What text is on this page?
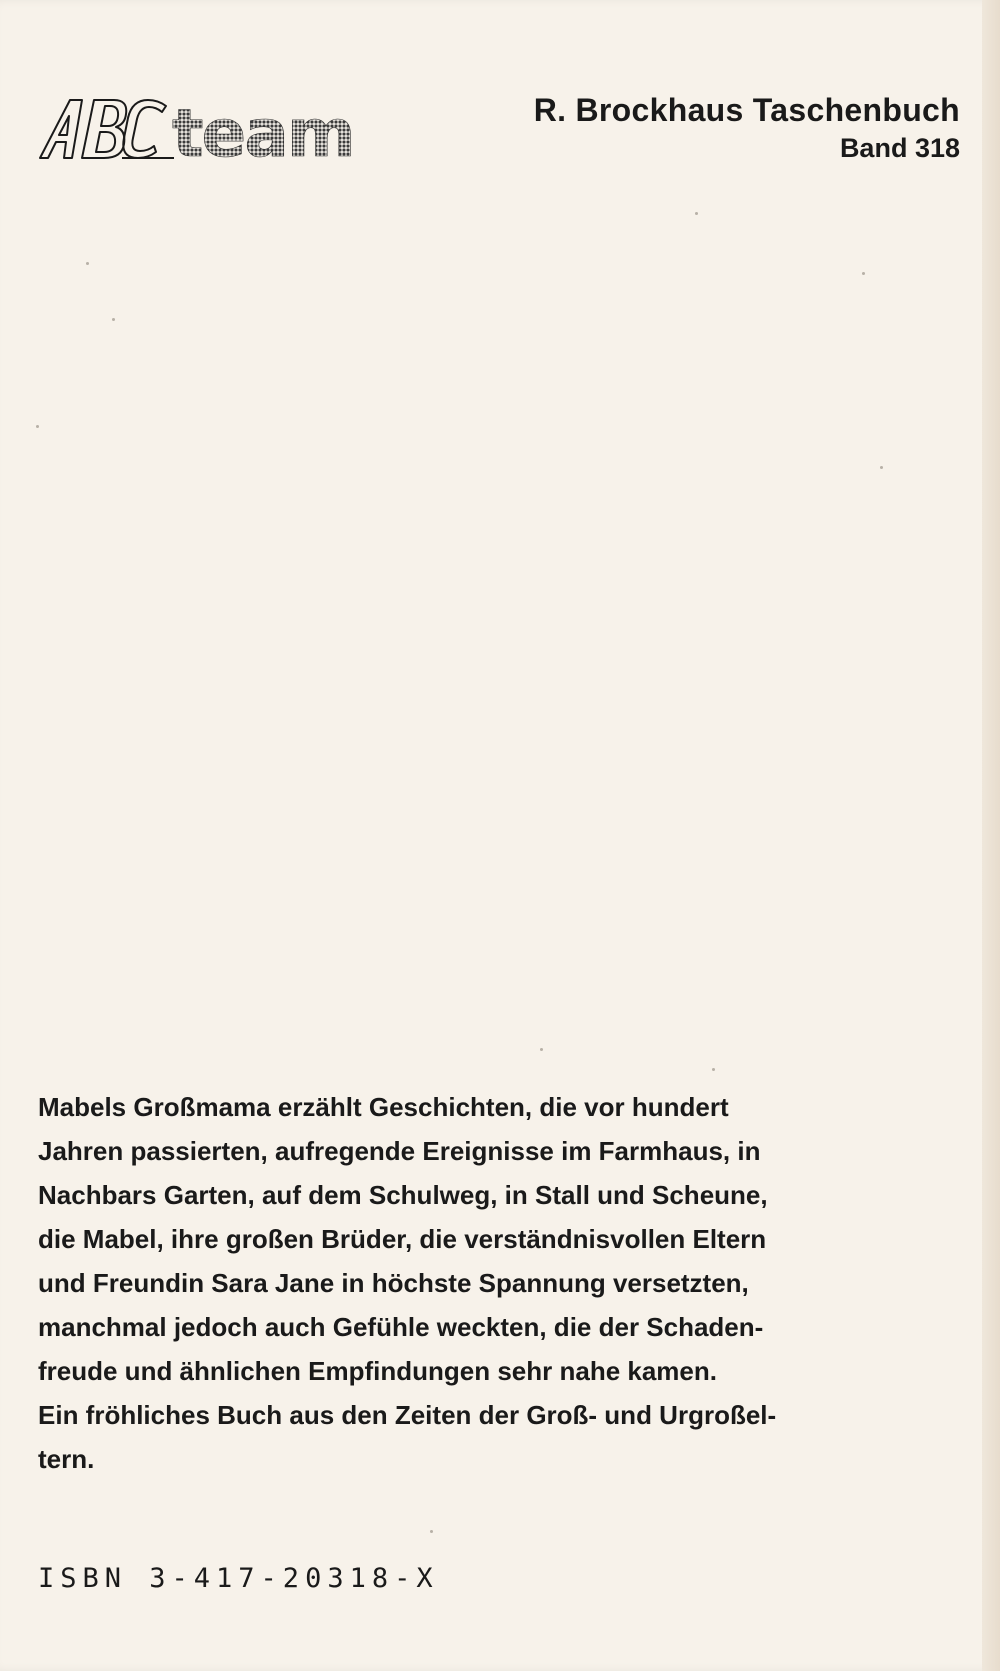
team	R. Brockhaus Taschenbuch
Band 318

Mabels Großmama erzählt Geschichten, die vor hundert
Jahren passierten, aufregende Ereignisse im Farmhaus, in
Nachbars Garten, auf dem Schulweg, in Stall und Scheune,
die Mabel, ihre großen Brüder, die verständnisvollen Eltern
und Freundin Sara Jane in höchste Spannung versetzten,
manchmal jedoch auch Gefühle weckten, die der Schaden-
freude und ähnlichen Empfindungen sehr nahe kamen.
Ein fröhliches Buch aus den Zeiten der Groß- und Urgroßel-
tern.

ISBN 3-417-20318-X
